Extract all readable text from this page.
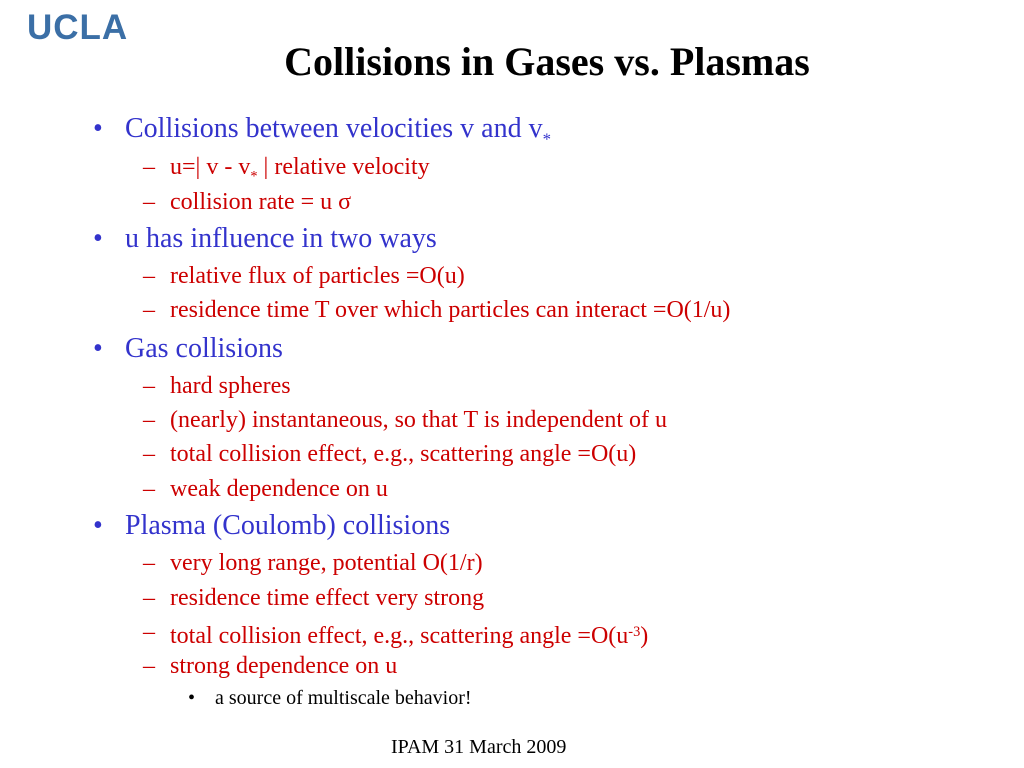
UCLA
Collisions in Gases vs. Plasmas
• Collisions between velocities v and $v_*$
– u=| v - $v_*$ | relative velocity
– collision rate = u σ
• u has influence in two ways
– relative flux of particles =O(u)
– residence time T over which particles can interact =O(1/u)
• Gas collisions
– hard spheres
– (nearly) instantaneous, so that T is independent of u
– total collision effect, e.g., scattering angle =O(u)
– weak dependence on u
• Plasma (Coulomb) collisions
– very long range, potential O(1/r)
– residence time effect very strong
– total collision effect, e.g., scattering angle $=O(u^{-3})$
– strong dependence on u
• a source of multiscale behavior!
IPAM 31 March 2009
